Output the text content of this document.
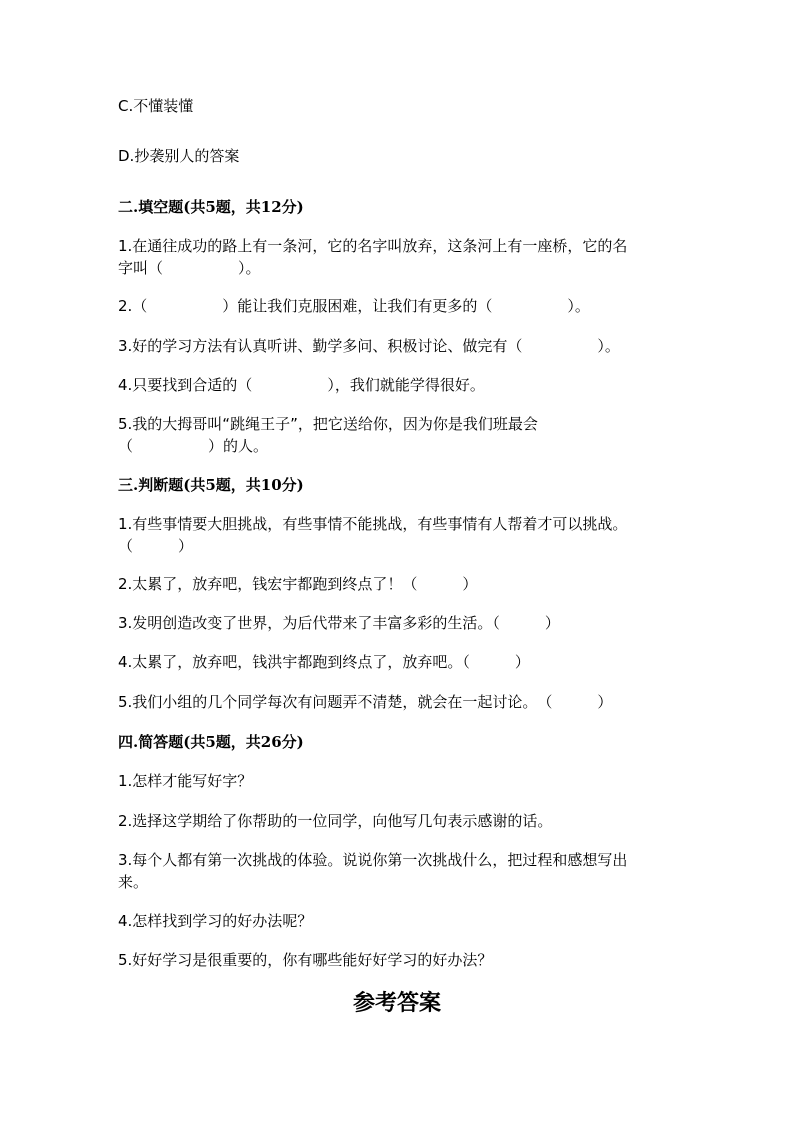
C.不懂装懂
D.抄袭别人的答案
二.填空题(共5题，共12分)
1.在通往成功的路上有一条河，它的名字叫放弃，这条河上有一座桥，它的名
字叫（　　　　　）。
2.（　　　　　）能让我们克服困难，让我们有更多的（　　　　　）。
3.好的学习方法有认真听讲、勤学多问、积极讨论、做完有（　　　　　）。
4.只要找到合适的（　　　　　），我们就能学得很好。
5.我的大拇哥叫“跳绳王子”，把它送给你，因为你是我们班最会
（　　　　　）的人。
三.判断题(共5题，共10分)
1.有些事情要大胆挑战，有些事情不能挑战，有些事情有人帮着才可以挑战。
（　　　）
2.太累了，放弃吧，钱宏宇都跑到终点了！（　　　）
3.发明创造改变了世界，为后代带来了丰富多彩的生活。（　　　）
4.太累了，放弃吧，钱洪宇都跑到终点了，放弃吧。（　　　）
5.我们小组的几个同学每次有问题弄不清楚，就会在一起讨论。　（　　　）
四.简答题(共5题，共26分)
1.怎样才能写好字？
2.选择这学期给了你帮助的一位同学，向他写几句表示感谢的话。
3.每个人都有第一次挑战的体验。说说你第一次挑战什么，把过程和感想写出
来。
4.怎样找到学习的好办法呢？
5.好好学习是很重要的，你有哪些能好好学习的好办法？
参考答案
